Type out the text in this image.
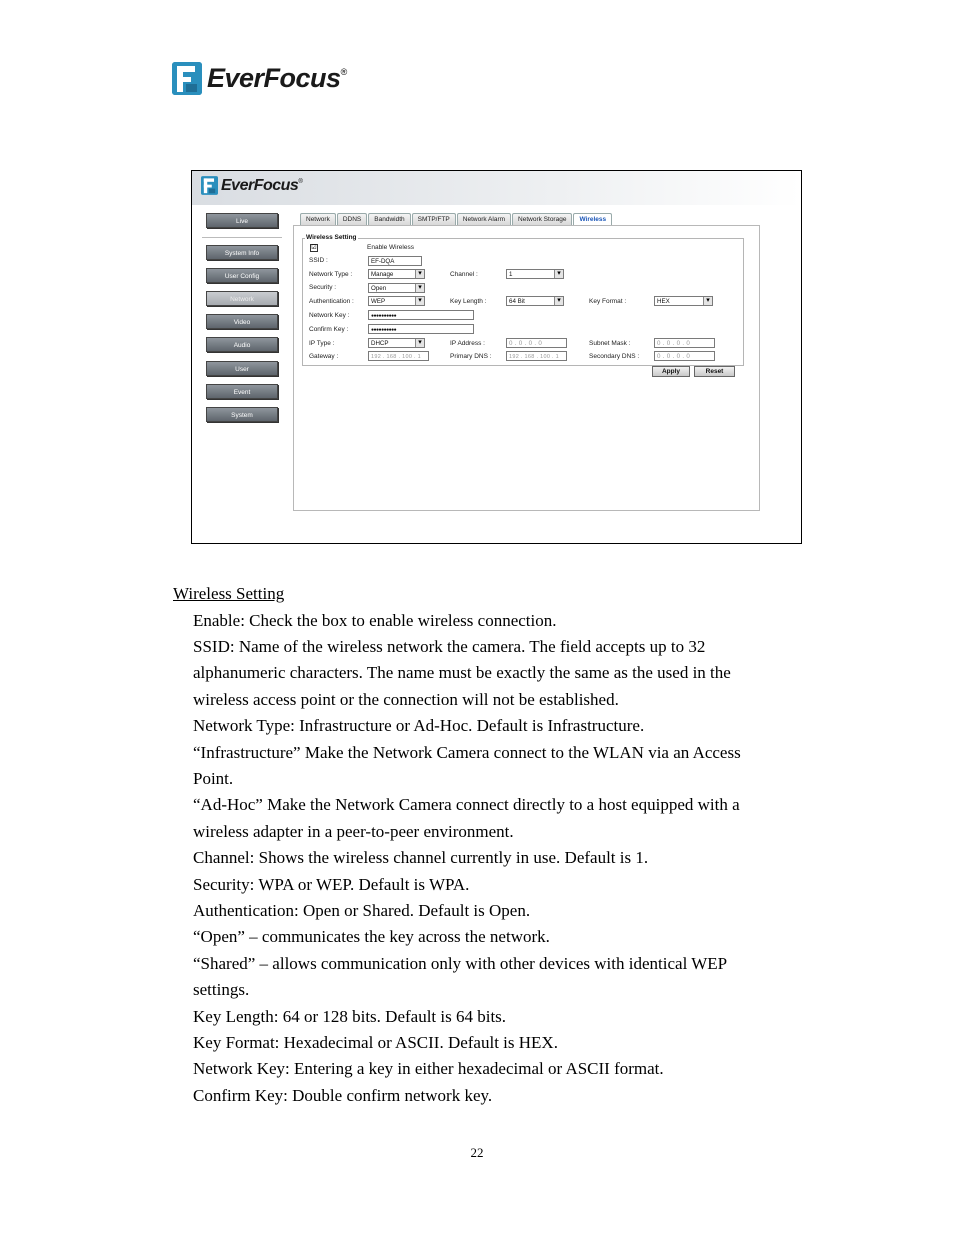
EverFocus ®
EverFocus ®
Live
System Info
User Config
Network
Video
Audio
User
Event
System
Network	DDNS	Bandwidth	SMTP/FTP	Network Alarm	Network Storage	Wireless
Wireless Setting
☑	Enable Wireless
SSID :	EF-DQA
Network Type :	Manage ▾	Channel :	1 ▾
Security :	Open ▾
Authentication :	WEP ▾	Key Length :	64 Bit ▾	Key Format :	HEX ▾
Network Key :	●●●●●●●●●●
Confirm Key :	●●●●●●●●●●
IP Type :	DHCP ▾	IP Address :	0 . 0 . 0 . 0	Subnet Mask :	0 . 0 . 0 . 0
Gateway :	192 . 168 . 100 . 1	Primary DNS :	192 . 168 . 100 . 1	Secondary DNS :	0 . 0 . 0 . 0
Apply	Reset
Wireless Setting
Enable: Check the box to enable wireless connection.
SSID: Name of the wireless network the camera. The field accepts up to 32
alphanumeric characters. The name must be exactly the same as the used in the
wireless access point or the connection will not be established.
Network Type: Infrastructure or Ad-Hoc. Default is Infrastructure.
“Infrastructure” Make the Network Camera connect to the WLAN via an Access
Point.
“Ad-Hoc” Make the Network Camera connect directly to a host equipped with a
wireless adapter in a peer-to-peer environment.
Channel: Shows the wireless channel currently in use. Default is 1.
Security: WPA or WEP. Default is WPA.
Authentication: Open or Shared. Default is Open.
“Open” – communicates the key across the network.
“Shared” – allows communication only with other devices with identical WEP
settings.
Key Length: 64 or 128 bits. Default is 64 bits.
Key Format: Hexadecimal or ASCII. Default is HEX.
Network Key: Entering a key in either hexadecimal or ASCII format.
Confirm Key: Double confirm network key.
22
